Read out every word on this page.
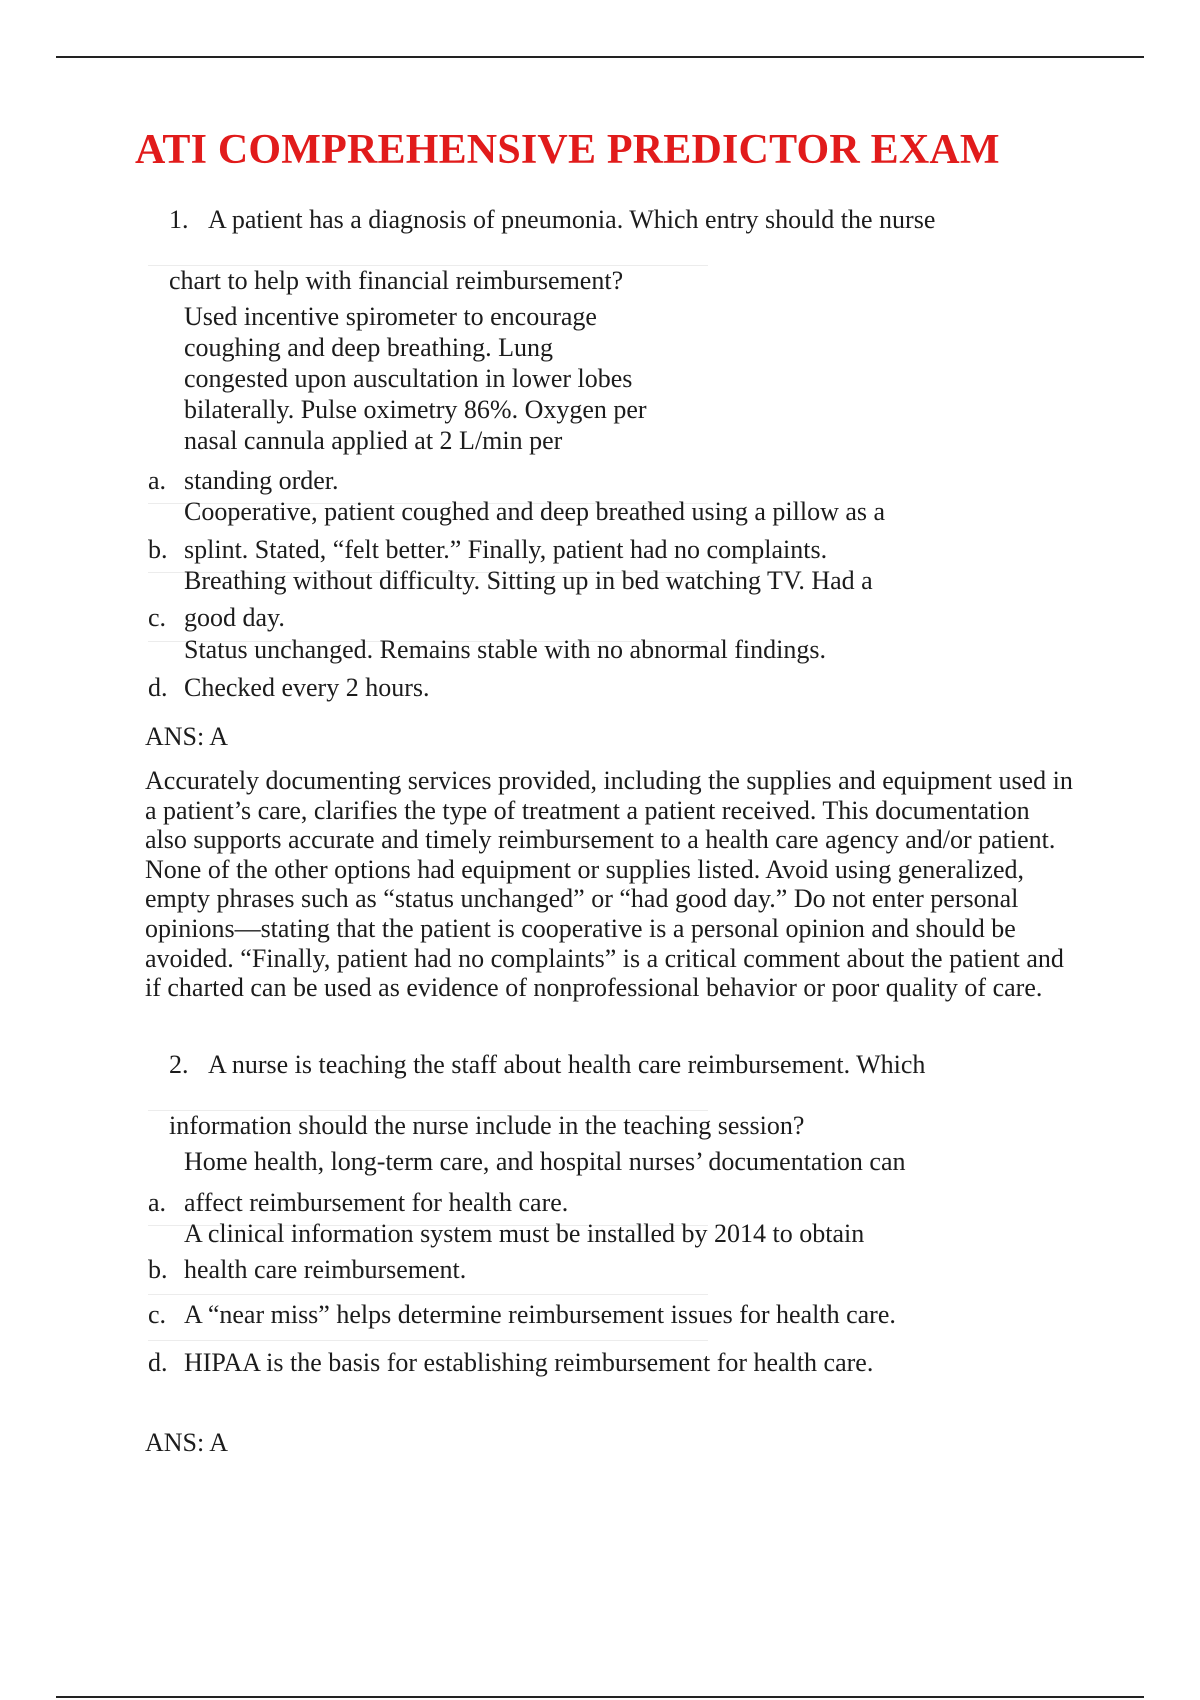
ATI COMPREHENSIVE PREDICTOR EXAM

1. A patient has a diagnosis of pneumonia. Which entry should the nurse

chart to help with financial reimbursement?

Used incentive spirometer to encourage

coughing and deep breathing. Lung

congested upon auscultation in lower lobes

bilaterally. Pulse oximetry 86%. Oxygen per

nasal cannula applied at 2 L/min per

a. standing order.

Cooperative, patient coughed and deep breathed using a pillow as a

b. splint. Stated, “felt better.” Finally, patient had no complaints.

Breathing without difficulty. Sitting up in bed watching TV. Had a

c. good day.

Status unchanged. Remains stable with no abnormal findings.

d. Checked every 2 hours.

ANS: A

Accurately documenting services provided, including the supplies and equipment used in a patient’s care, clarifies the type of treatment a patient received. This documentation also supports accurate and timely reimbursement to a health care agency and/or patient. None of the other options had equipment or supplies listed. Avoid using generalized, empty phrases such as “status unchanged” or “had good day.” Do not enter personal opinions—stating that the patient is cooperative is a personal opinion and should be avoided. “Finally, patient had no complaints” is a critical comment about the patient and if charted can be used as evidence of nonprofessional behavior or poor quality of care.

2. A nurse is teaching the staff about health care reimbursement. Which

information should the nurse include in the teaching session?

Home health, long-term care, and hospital nurses’ documentation can

a. affect reimbursement for health care.

A clinical information system must be installed by 2014 to obtain

b. health care reimbursement.

c. A “near miss” helps determine reimbursement issues for health care.

d. HIPAA is the basis for establishing reimbursement for health care.

ANS: A
